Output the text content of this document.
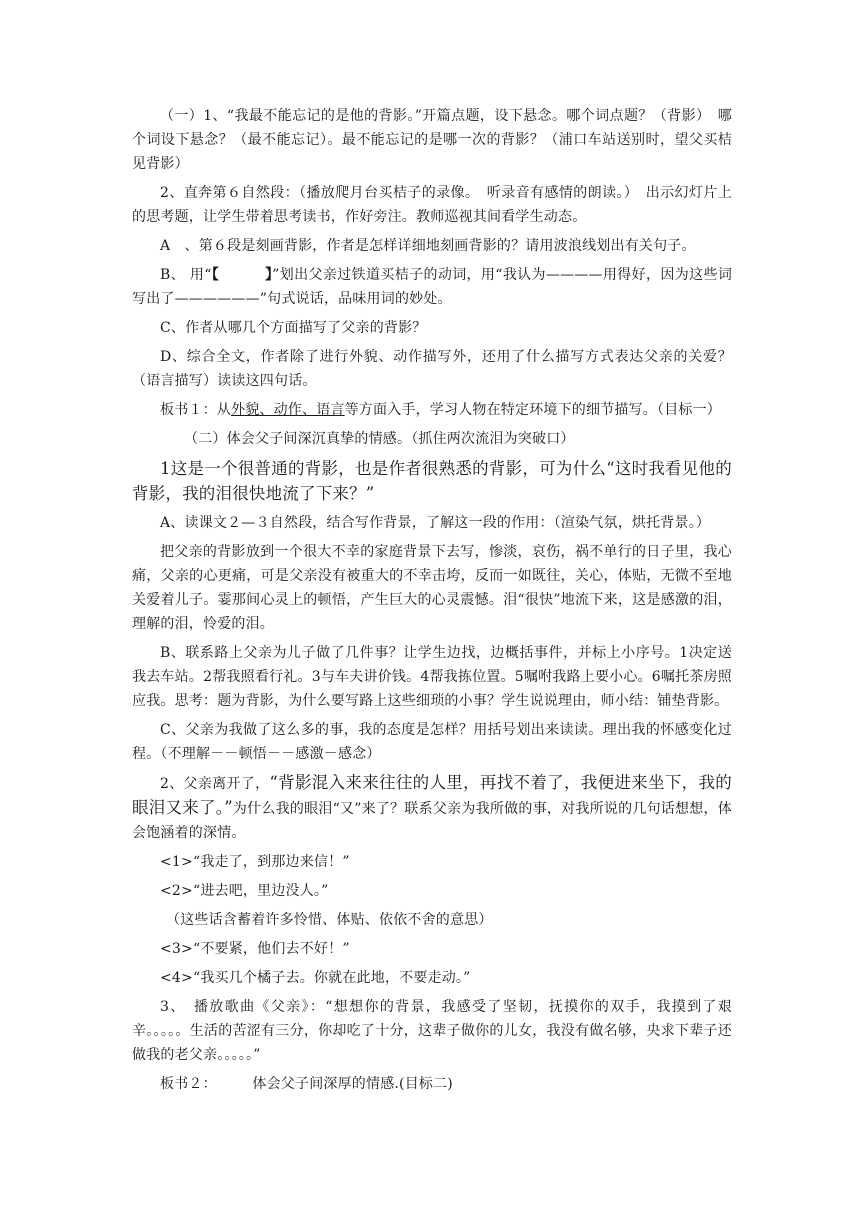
（一）1、“我最不能忘记的是他的背影。”开篇点题，设下悬念。哪个词点题？（背影）　哪个词设下悬念？（最不能忘记）。最不能忘记的是哪一次的背影？（浦口车站送别时，望父买桔见背影）

2、直奔第６自然段：（播放爬月台买桔子的录像。　听录音有感情的朗读。）　出示幻灯片上的思考题，让学生带着思考读书，作好旁注。教师巡视其间看学生动态。

A　、第６段是刻画背影，作者是怎样详细地刻画背影的？请用波浪线划出有关句子。

B、 用“【	】”划出父亲过铁道买桔子的动词，用“我认为————用得好，因为这些词写出了——————”句式说话，品味用词的妙处。

C、作者从哪几个方面描写了父亲的背影？

D、综合全文，作者除了进行外貌、动作描写外，还用了什么描写方式表达父亲的关爱？（语言描写）读读这四句话。

板书１：从外貌、动作、语言等方面入手，学习人物在特定环境下的细节描写。（目标一）

（二）体会父子间深沉真挚的情感。（抓住两次流泪为突破口）

1这是一个很普通的背影，也是作者很熟悉的背影，可为什么“这时我看见他的背影，我的泪很快地流了下来？”

A、读课文２—３自然段，结合写作背景，了解这一段的作用：（渲染气氛，烘托背景。）

把父亲的背影放到一个很大不幸的家庭背景下去写，惨淡，哀伤，祸不单行的日子里，我心痛，父亲的心更痛，可是父亲没有被重大的不幸击垮，反而一如既往，关心，体贴，无微不至地关爱着儿子。霎那间心灵上的顿悟，产生巨大的心灵震憾。泪“很快”地流下来，这是感激的泪，理解的泪，怜爱的泪。

B、联系路上父亲为儿子做了几件事？让学生边找，边概括事件，并标上小序号。1决定送我去车站。2帮我照看行礼。3与车夫讲价钱。4帮我拣位置。5嘱咐我路上要小心。6嘱托茶房照应我。思考：题为背影，为什么要写路上这些细琐的小事？学生说说理由，师小结：铺垫背影。

C、父亲为我做了这么多的事，我的态度是怎样？用括号划出来读读。理出我的怀感变化过程。（不理解－－顿悟－－感激－感念）

2、父亲离开了，“背影混入来来往往的人里，再找不着了，我便进来坐下，我的眼泪又来了。”为什么我的眼泪“又”来了？联系父亲为我所做的事，对我所说的几句话想想，体会饱涵着的深情。

<1>“我走了，到那边来信！”

<2>“进去吧，里边没人。”

（这些话含蓄着许多怜惜、体贴、依依不舍的意思）

<3>“不要紧，他们去不好！”

<4>“我买几个橘子去。你就在此地，不要走动。”

3、　播放歌曲《父亲》：“想想你的背景，我感受了坚韧，抚摸你的双手，我摸到了艰辛。。。。。生活的苦涩有三分，你却吃了十分，这辈子做你的儿女，我没有做名够，央求下辈子还做我的老父亲。。。。。”

板书２：　　　体会父子间深厚的情感.(目标二)
